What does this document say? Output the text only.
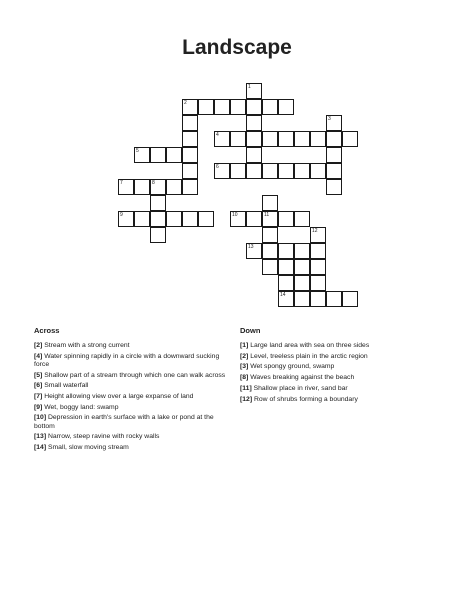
Landscape
1
2
4
3
5
6
7	8
9	10	11
12
13
14
Across
[2] Stream with a strong current
[4] Water spinning rapidly in a circle with a downward sucking force
[5] Shallow part of a stream through which one can walk across
[6] Small waterfall
[7] Height allowing view over a large expanse of land
[9] Wet, boggy land: swamp
[10] Depression in earth's surface with a lake or pond at the bottom
[13] Narrow, steep ravine with rocky walls
[14] Small, slow moving stream
Down
[1] Large land area with sea on three sides
[2] Level, treeless plain in the arctic region
[3] Wet spongy ground, swamp
[8] Waves breaking against the beach
[11] Shallow place in river, sand bar
[12] Row of shrubs forming a boundary
